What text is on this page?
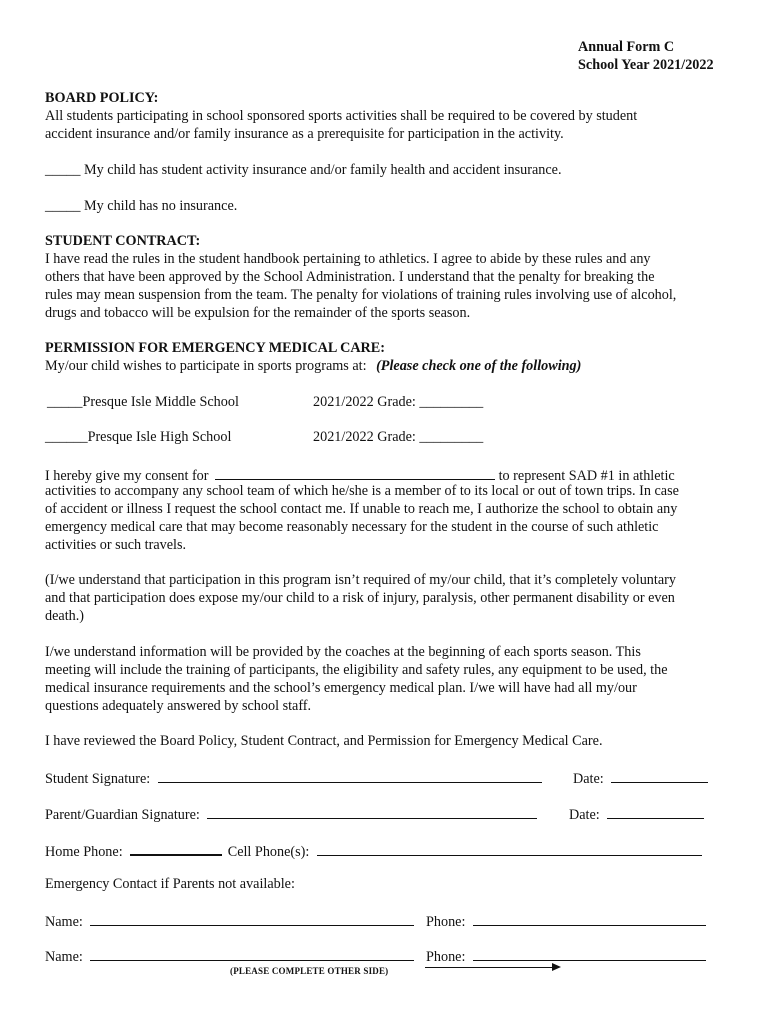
Annual Form C
School Year 2021/2022
BOARD POLICY:
All students participating in school sponsored sports activities shall be required to be covered by student
accident insurance and/or family insurance as a prerequisite for participation in the activity.
_____ My child has student activity insurance and/or family health and accident insurance.
_____ My child has no insurance.
STUDENT CONTRACT:
I have read the rules in the student handbook pertaining to athletics. I agree to abide by these rules and any
others that have been approved by the School Administration. I understand that the penalty for breaking the
rules may mean suspension from the team. The penalty for violations of training rules involving use of alcohol,
drugs and tobacco will be expulsion for the remainder of the sports season.
PERMISSION FOR EMERGENCY MEDICAL CARE:
My/our child wishes to participate in sports programs at: (Please check one of the following)
_____Presque Isle Middle School	2021/2022 Grade: _________
______Presque Isle High School	2021/2022 Grade: _________
I hereby give my consent for	to represent SAD #1 in athletic
activities to accompany any school team of which he/she is a member of to its local or out of town trips. In case
of accident or illness I request the school contact me. If unable to reach me, I authorize the school to obtain any
emergency medical care that may become reasonably necessary for the student in the course of such athletic
activities or such travels.
(I/we understand that participation in this program isn’t required of my/our child, that it’s completely voluntary
and that participation does expose my/our child to a risk of injury, paralysis, other permanent disability or even
death.)
I/we understand information will be provided by the coaches at the beginning of each sports season. This
meeting will include the training of participants, the eligibility and safety rules, any equipment to be used, the
medical insurance requirements and the school’s emergency medical plan. I/we will have had all my/our
questions adequately answered by school staff.
I have reviewed the Board Policy, Student Contract, and Permission for Emergency Medical Care.
Student Signature:	Date:
Parent/Guardian Signature:	Date:
Home Phone:	Cell Phone(s):
Emergency Contact if Parents not available:
Name:	Phone:
Name:	Phone:
(PLEASE COMPLETE OTHER SIDE)
